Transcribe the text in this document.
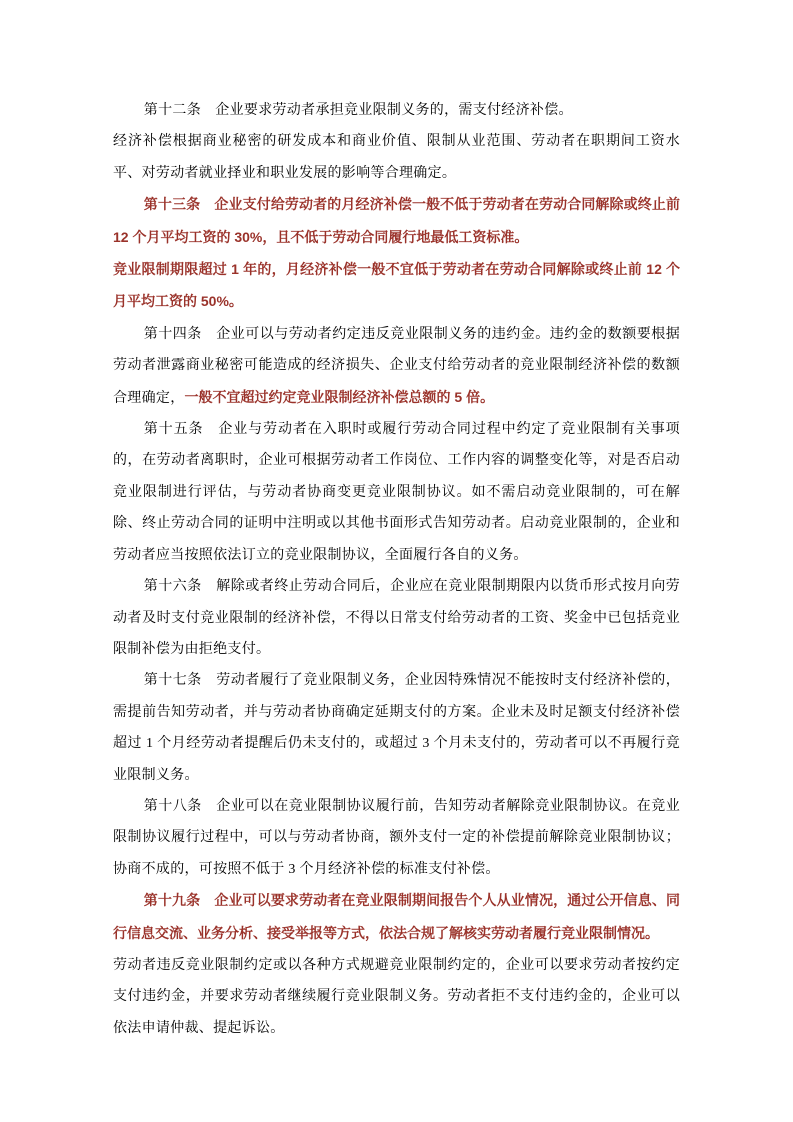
第十二条　企业要求劳动者承担竞业限制义务的，需支付经济补偿。

经济补偿根据商业秘密的研发成本和商业价值、限制从业范围、劳动者在职期间工资水平、对劳动者就业择业和职业发展的影响等合理确定。

第十三条　企业支付给劳动者的月经济补偿一般不低于劳动者在劳动合同解除或终止前 12 个月平均工资的 30%，且不低于劳动合同履行地最低工资标准。

竞业限制期限超过 1 年的，月经济补偿一般不宜低于劳动者在劳动合同解除或终止前 12 个月平均工资的 50%。

第十四条　企业可以与劳动者约定违反竞业限制义务的违约金。违约金的数额要根据劳动者泄露商业秘密可能造成的经济损失、企业支付给劳动者的竞业限制经济补偿的数额合理确定，一般不宜超过约定竞业限制经济补偿总额的 5 倍。

第十五条　企业与劳动者在入职时或履行劳动合同过程中约定了竞业限制有关事项的，在劳动者离职时，企业可根据劳动者工作岗位、工作内容的调整变化等，对是否启动竞业限制进行评估，与劳动者协商变更竞业限制协议。如不需启动竞业限制的，可在解除、终止劳动合同的证明中注明或以其他书面形式告知劳动者。启动竞业限制的，企业和劳动者应当按照依法订立的竞业限制协议，全面履行各自的义务。

第十六条　解除或者终止劳动合同后，企业应在竞业限制期限内以货币形式按月向劳动者及时支付竞业限制的经济补偿，不得以日常支付给劳动者的工资、奖金中已包括竞业限制补偿为由拒绝支付。

第十七条　劳动者履行了竞业限制义务，企业因特殊情况不能按时支付经济补偿的，需提前告知劳动者，并与劳动者协商确定延期支付的方案。企业未及时足额支付经济补偿超过 1 个月经劳动者提醒后仍未支付的，或超过 3 个月未支付的，劳动者可以不再履行竞业限制义务。

第十八条　企业可以在竞业限制协议履行前，告知劳动者解除竞业限制协议。在竞业限制协议履行过程中，可以与劳动者协商，额外支付一定的补偿提前解除竞业限制协议；协商不成的，可按照不低于 3 个月经济补偿的标准支付补偿。

第十九条　企业可以要求劳动者在竞业限制期间报告个人从业情况，通过公开信息、同行信息交流、业务分析、接受举报等方式，依法合规了解核实劳动者履行竞业限制情况。

劳动者违反竞业限制约定或以各种方式规避竞业限制约定的，企业可以要求劳动者按约定支付违约金，并要求劳动者继续履行竞业限制义务。劳动者拒不支付违约金的，企业可以依法申请仲裁、提起诉讼。
